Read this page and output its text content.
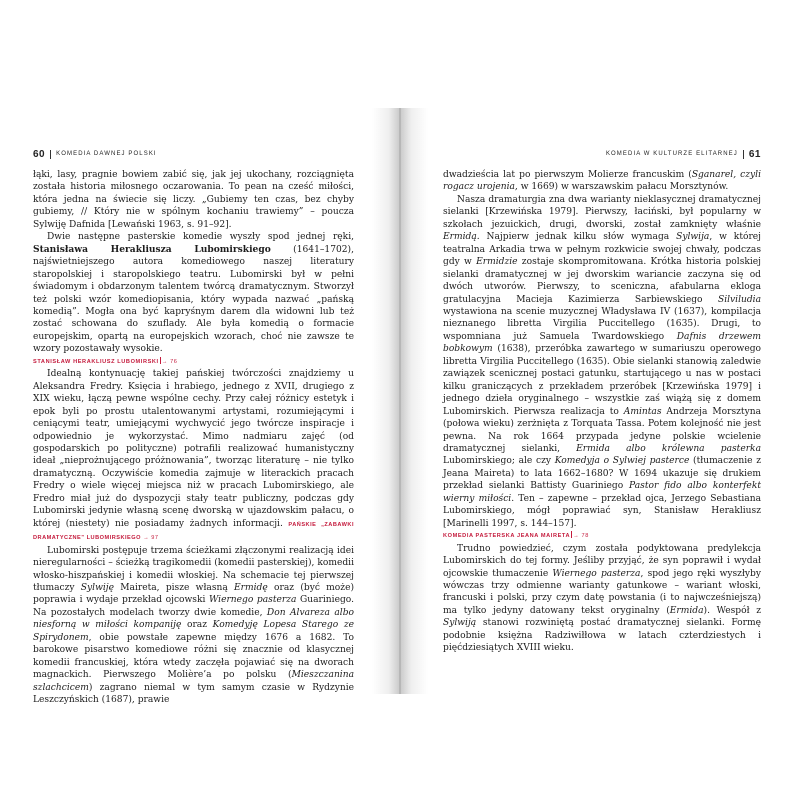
60 KOMEDIA DAWNEJ POLSKI

łąki, lasy, pragnie bowiem zabić się, jak jej ukochany, rozciągnięta została historia miłosnego oczarowania. To pean na cześć miłości, która jedna na świecie się liczy. „Gubiemy ten czas, bez chyby gubiemy, // Który nie w spólnym kochaniu trawiemy” – poucza Sylwiję Dafnida [Lewański 1963, s. 91–92].

Dwie następne pasterskie komedie wyszły spod jednej ręki, Stanisława Herakliusza Lubomirskiego (1641–1702), najświetniejszego autora komediowego naszej literatury staropolskiej i staropolskiego teatru. Lubomirski był w pełni świadomym i obdarzonym talentem twórcą dramatycznym. Stworzył też polski wzór komediopisania, który wypada nazwać „pańską komedią”. Mogła ona być kapryśnym darem dla widowni lub też zostać schowana do szuflady. Ale była komedią o formacie europejskim, opartą na europejskich wzorach, choć nie zawsze te wzory pozostawały wysokie.

STANISŁAW HERAKLIUSZ LUBOMIRSKI → 76

Idealną kontynuację takiej pańskiej twórczości znajdziemy u Aleksandra Fredry. Księcia i hrabiego, jednego z XVII, drugiego z XIX wieku, łączą pewne wspólne cechy. Przy całej różnicy estetyk i epok byli po prostu utalentowanymi artystami, rozumiejącymi i ceniącymi teatr, umiejącymi wychwycić jego twórcze inspiracje i odpowiednio je wykorzystać. Mimo nadmiaru zajęć (od gospodarskich po polityczne) potrafili realizować humanistyczny ideał „nieprożnującego próżnowania”, tworząc literaturę – nie tylko dramatyczną. Oczywiście komedia zajmuje w literackich pracach Fredry o wiele więcej miejsca niż w pracach Lubomirskiego, ale Fredro miał już do dyspozycji stały teatr publiczny, podczas gdy Lubomirski jedynie własną scenę dworską w ujazdowskim pałacu, o której (niestety) nie posiadamy żadnych informacji. PAŃSKIE „ZABAWKI DRAMATYCZNE” LUBOMIRSKIEGO → 97

Lubomirski postępuje trzema ścieżkami złączonymi realizacją idei nieregularności – ścieżką tragikomedii (komedii pasterskiej), komedii włosko-hiszpańskiej i komedii włoskiej. Na schemacie tej pierwszej tłumaczy Sylwiję Maireta, pisze własną Ermidę oraz (być może) poprawia i wydaje przekład ojcowski Wiernego pasterza Guariniego. Na pozostałych modelach tworzy dwie komedie, Don Alvareza albo niesforną w miłości kompaniję oraz Komedyję Lopesa Starego ze Spirydonem, obie powstałe zapewne między 1676 a 1682. To barokowe pisarstwo komediowe różni się znacznie od klasycznej komedii francuskiej, która wtedy zaczęła pojawiać się na dworach magnackich. Pierwszego Molière’a po polsku (Mieszczanina szlachcicem) zagrano niemal w tym samym czasie w Rydzynie Leszczyńskich (1687), prawie

KOMEDIA W KULTURZE ELITARNEJ 61

dwadzieścia lat po pierwszym Molierze francuskim (Sganarel, czyli rogacz urojenia, w 1669) w warszawskim pałacu Morsztynów.

Nasza dramaturgia zna dwa warianty nieklasycznej dramatycznej sielanki [Krzewińska 1979]. Pierwszy, łaciński, był popularny w szkołach jezuickich, drugi, dworski, został zamknięty właśnie Ermidą. Najpierw jednak kilku słów wymaga Sylwija, w której teatralna Arkadia trwa w pełnym rozkwicie swojej chwały, podczas gdy w Ermidzie zostaje skompromitowana. Krótka historia polskiej sielanki dramatycznej w jej dworskim wariancie zaczyna się od dwóch utworów. Pierwszy, to sceniczna, afabularna ekloga gratulacyjna Macieja Kazimierza Sarbiewskiego Silviludia wystawiona na scenie muzycznej Władysława IV (1637), kompilacja nieznanego libretta Virgilia Puccitellego (1635). Drugi, to wspomniana już Samuela Twardowskiego Dafnis drzewem bobkowym (1638), przeróbka zawartego w sumariuszu operowego libretta Virgilia Puccitellego (1635). Obie sielanki stanowią zaledwie zawiązek scenicznej postaci gatunku, startującego u nas w postaci kilku graniczących z przekładem przeróbek [Krzewińska 1979] i jednego dzieła oryginalnego – wszystkie zaś wiążą się z domem Lubomirskich. Pierwsza realizacja to Amintas Andrzeja Morsztyna (połowa wieku) zerżnięta z Torquata Tassa. Potem kolejność nie jest pewna. Na rok 1664 przypada jedyne polskie wcielenie dramatycznej sielanki, Ermida albo królewna pasterka Lubomirskiego; ale czy Komedyja o Sylwiej pasterce (tłumaczenie z Jeana Maireta) to lata 1662–1680? W 1694 ukazuje się drukiem przekład sielanki Battisty Guariniego Pastor fido albo konterfekt wierny miłości. Ten – zapewne – przekład ojca, Jerzego Sebastiana Lubomirskiego, mógł poprawiać syn, Stanisław Herakliusz [Marinelli 1997, s. 144–157].

KOMEDIA PASTERSKA JEANA MAIRETA → 78

Trudno powiedzieć, czym została podyktowana predylekcja Lubomirskich do tej formy. Jeśliby przyjąć, że syn poprawił i wydał ojcowskie tłumaczenie Wiernego pasterza, spod jego ręki wyszłyby wówczas trzy odmienne warianty gatunkowe – wariant włoski, francuski i polski, przy czym datę powstania (i to najwcześniejszą) ma tylko jedyny datowany tekst oryginalny (Ermida). Wespół z Sylwiją stanowi rozwiniętą postać dramatycznej sielanki. Formę podobnie księżna Radziwiłłowa w latach czterdziestych i pięćdziesiątych XVIII wieku.
